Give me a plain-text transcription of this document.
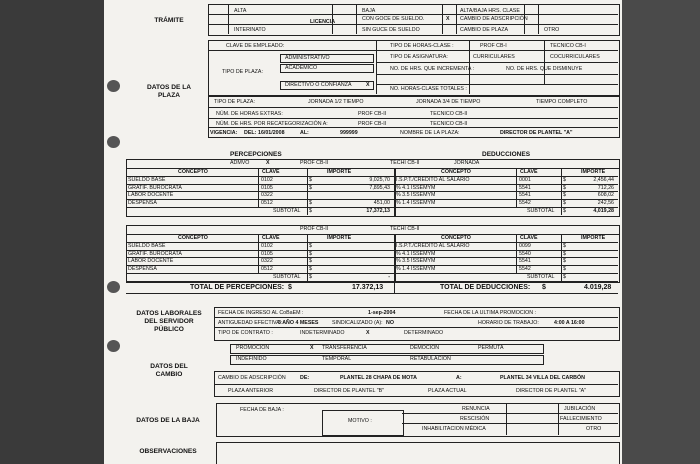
TRÁMITE
DATOS DE LA
PLAZA
DATOS LABORALES
DEL SERVIDOR
PÚBLICO
DATOS DEL
CAMBIO
DATOS DE LA BAJA
OBSERVACIONES
ALTA	BAJA	ALTA/BAJA HRS. CLASE
LICENCIA	CON GOCE DE SUELDO.	X CAMBIO DE ADSCRIPCIÓN
INTERINATO	SIN GUCE DE SUELDO	CAMBIO DE PLAZA	OTRO
CLAVE DE EMPLEADO:	TIPO DE HORAS-CLASE :	PROF CB-I	TECNICO CB-I
TIPO DE ASIGNATURA:	CURRICULARES	COCURRICULARES
TIPO DE PLAZA:
ADMINISTRATIVO
ACADÉMICO
DIRECTIVO O CONFIANZA	X
NO. DE HRS. QUE INCREMENTA :	NO. DE HRS. QUE DISMINUYE
NO. HORAS-CLASE TOTALES :
TIPO DE PLAZA:	JORNADA 1/2 TIEMPO	JORNADA 3/4 DE TIEMPO	TIEMPO COMPLETO
NÚM. DE HORAS EXTRAS:	PROF CB-II	TECNICO CB-II
NÚM. DE HRS. POR RECATEGORIZACIÓN A:	PROF CB-II	TECNICO CB-II
VIGENCIA: DEL: 16/01/2008	AL:	999999	NOMBRE DE LA PLAZA:	DIRECTOR DE PLANTEL "A"
PERCEPCIONES	DEDUCCIONES
ADMVO	X	PROF CB-II	TECHI CB-II	JORNADA
CONCEPTO	CLAVE	IMPORTE
SUELDO BASE	0102	$	9,025,70
GRATIF. BUROCRATA	0105	$	7,895,43
LABOR DOCENTE	0322
DESPENSA	0512	$	451,00
SUBTOTAL $	17,372,13
CONCEPTO	CLAVE	IMPORTE
I.S.P.T./CREDITO AL SALARIO	0001	$	2,456,44
% 4.1 ISSEMYM	5541	$	712,26
% 3.5 ISSEMYM	5541	$	608,02
% 1.4 ISSEMYM	5542	$	242,56
SUBTOTAL $	4,019,28
PROF CB-II	TECHI CB-II
CONCEPTO	CLAVE	IMPORTE
SUELDO BASE	0102	$
GRATIF. BUROCRATA	0105	$
LABOR DOCENTE	0322	$
DESPENSA	0512	$
SUBTOTAL $	-
CONCEPTO	CLAVE	IMPORTE
I.S.P.T./CREDITO AL SALARIO	0099	$
% 4.1 ISSEMYM	5540	$
% 3.5 ISSEMYM	5541	$
% 1.4 ISSEMYM	5542	$
SUBTOTAL $
TOTAL DE PERCEPCIONES: $	17.372,13	TOTAL DE DEDUCCIONES: $	4.019,28
FECHA DE INGRESO AL CoBaEM :	1-sep-2004	FECHA DE LA ULTIMA PROMOCION :
ANTIGUEDAD EFECTIVA :
3 AÑO 4 MESES	SINDICALIZADO (A): NO	HORARIO DE TRABAJO:	4:00 A 16:00
TIPO DE CONTRATO :	INDETERMINADO	X	DETERMINADO
PROMOCION	X TRANSFERENCIA	DEMOCION	PERMUTA
INDEFINIDO	TEMPORAL	RETABULACIÓN
CAMBIO DE ADSCRIPCIÓN	DE:	PLANTEL 28 CHAPA DE MOTA	A:	PLANTEL 34 VILLA DEL CARBÓN
PLAZA ANTERIOR	DIRECTOR DE PLANTEL "B"	PLAZA ACTUAL	DIRECTOR DE PLANTEL "A"
FECHA DE BAJA :
MOTIVO :
RENUNCIA	JUBILACIÓN
RESCISIÓN	FALLECIMIENTO
INHABILITACION MÉDICA	OTRO
